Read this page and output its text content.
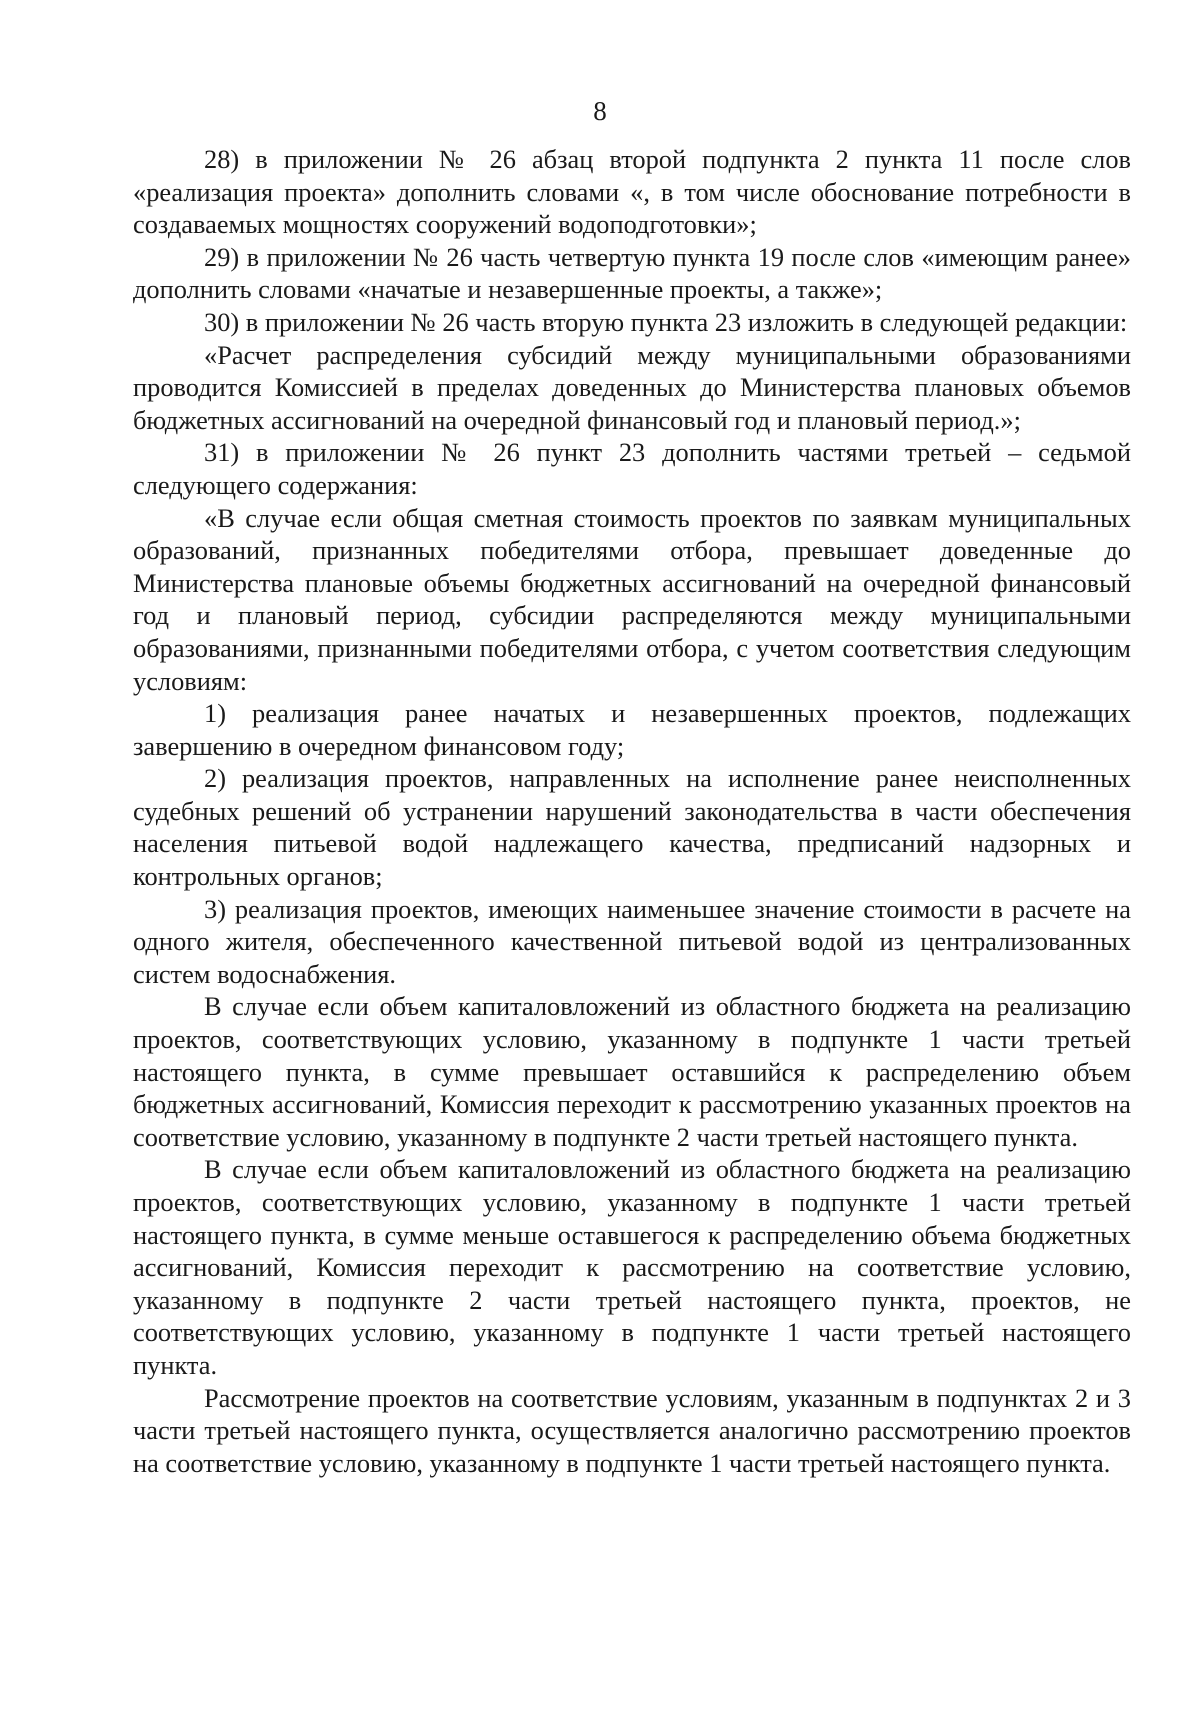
8

28) в приложении № 26 абзац второй подпункта 2 пункта 11 после слов «реализация проекта» дополнить словами «, в том числе обоснование потребности в создаваемых мощностях сооружений водоподготовки»;

29) в приложении № 26 часть четвертую пункта 19 после слов «имеющим ранее» дополнить словами «начатые и незавершенные проекты, а также»;

30) в приложении № 26 часть вторую пункта 23 изложить в следующей редакции:

«Расчет распределения субсидий между муниципальными образованиями проводится Комиссией в пределах доведенных до Министерства плановых объемов бюджетных ассигнований на очередной финансовый год и плановый период.»;

31) в приложении № 26 пункт 23 дополнить частями третьей – седьмой следующего содержания:

«В случае если общая сметная стоимость проектов по заявкам муниципальных образований, признанных победителями отбора, превышает доведенные до Министерства плановые объемы бюджетных ассигнований на очередной финансовый год и плановый период, субсидии распределяются между муниципальными образованиями, признанными победителями отбора, с учетом соответствия следующим условиям:

1) реализация ранее начатых и незавершенных проектов, подлежащих завершению в очередном финансовом году;

2) реализация проектов, направленных на исполнение ранее неисполненных судебных решений об устранении нарушений законодательства в части обеспечения населения питьевой водой надлежащего качества, предписаний надзорных и контрольных органов;

3) реализация проектов, имеющих наименьшее значение стоимости в расчете на одного жителя, обеспеченного качественной питьевой водой из централизованных систем водоснабжения.

В случае если объем капиталовложений из областного бюджета на реализацию проектов, соответствующих условию, указанному в подпункте 1 части третьей настоящего пункта, в сумме превышает оставшийся к распределению объем бюджетных ассигнований, Комиссия переходит к рассмотрению указанных проектов на соответствие условию, указанному в подпункте 2 части третьей настоящего пункта.

В случае если объем капиталовложений из областного бюджета на реализацию проектов, соответствующих условию, указанному в подпункте 1 части третьей настоящего пункта, в сумме меньше оставшегося к распределению объема бюджетных ассигнований, Комиссия переходит к рассмотрению на соответствие условию, указанному в подпункте 2 части третьей настоящего пункта, проектов, не соответствующих условию, указанному в подпункте 1 части третьей настоящего пункта.

Рассмотрение проектов на соответствие условиям, указанным в подпунктах 2 и 3 части третьей настоящего пункта, осуществляется аналогично рассмотрению проектов на соответствие условию, указанному в подпункте 1 части третьей настоящего пункта.
